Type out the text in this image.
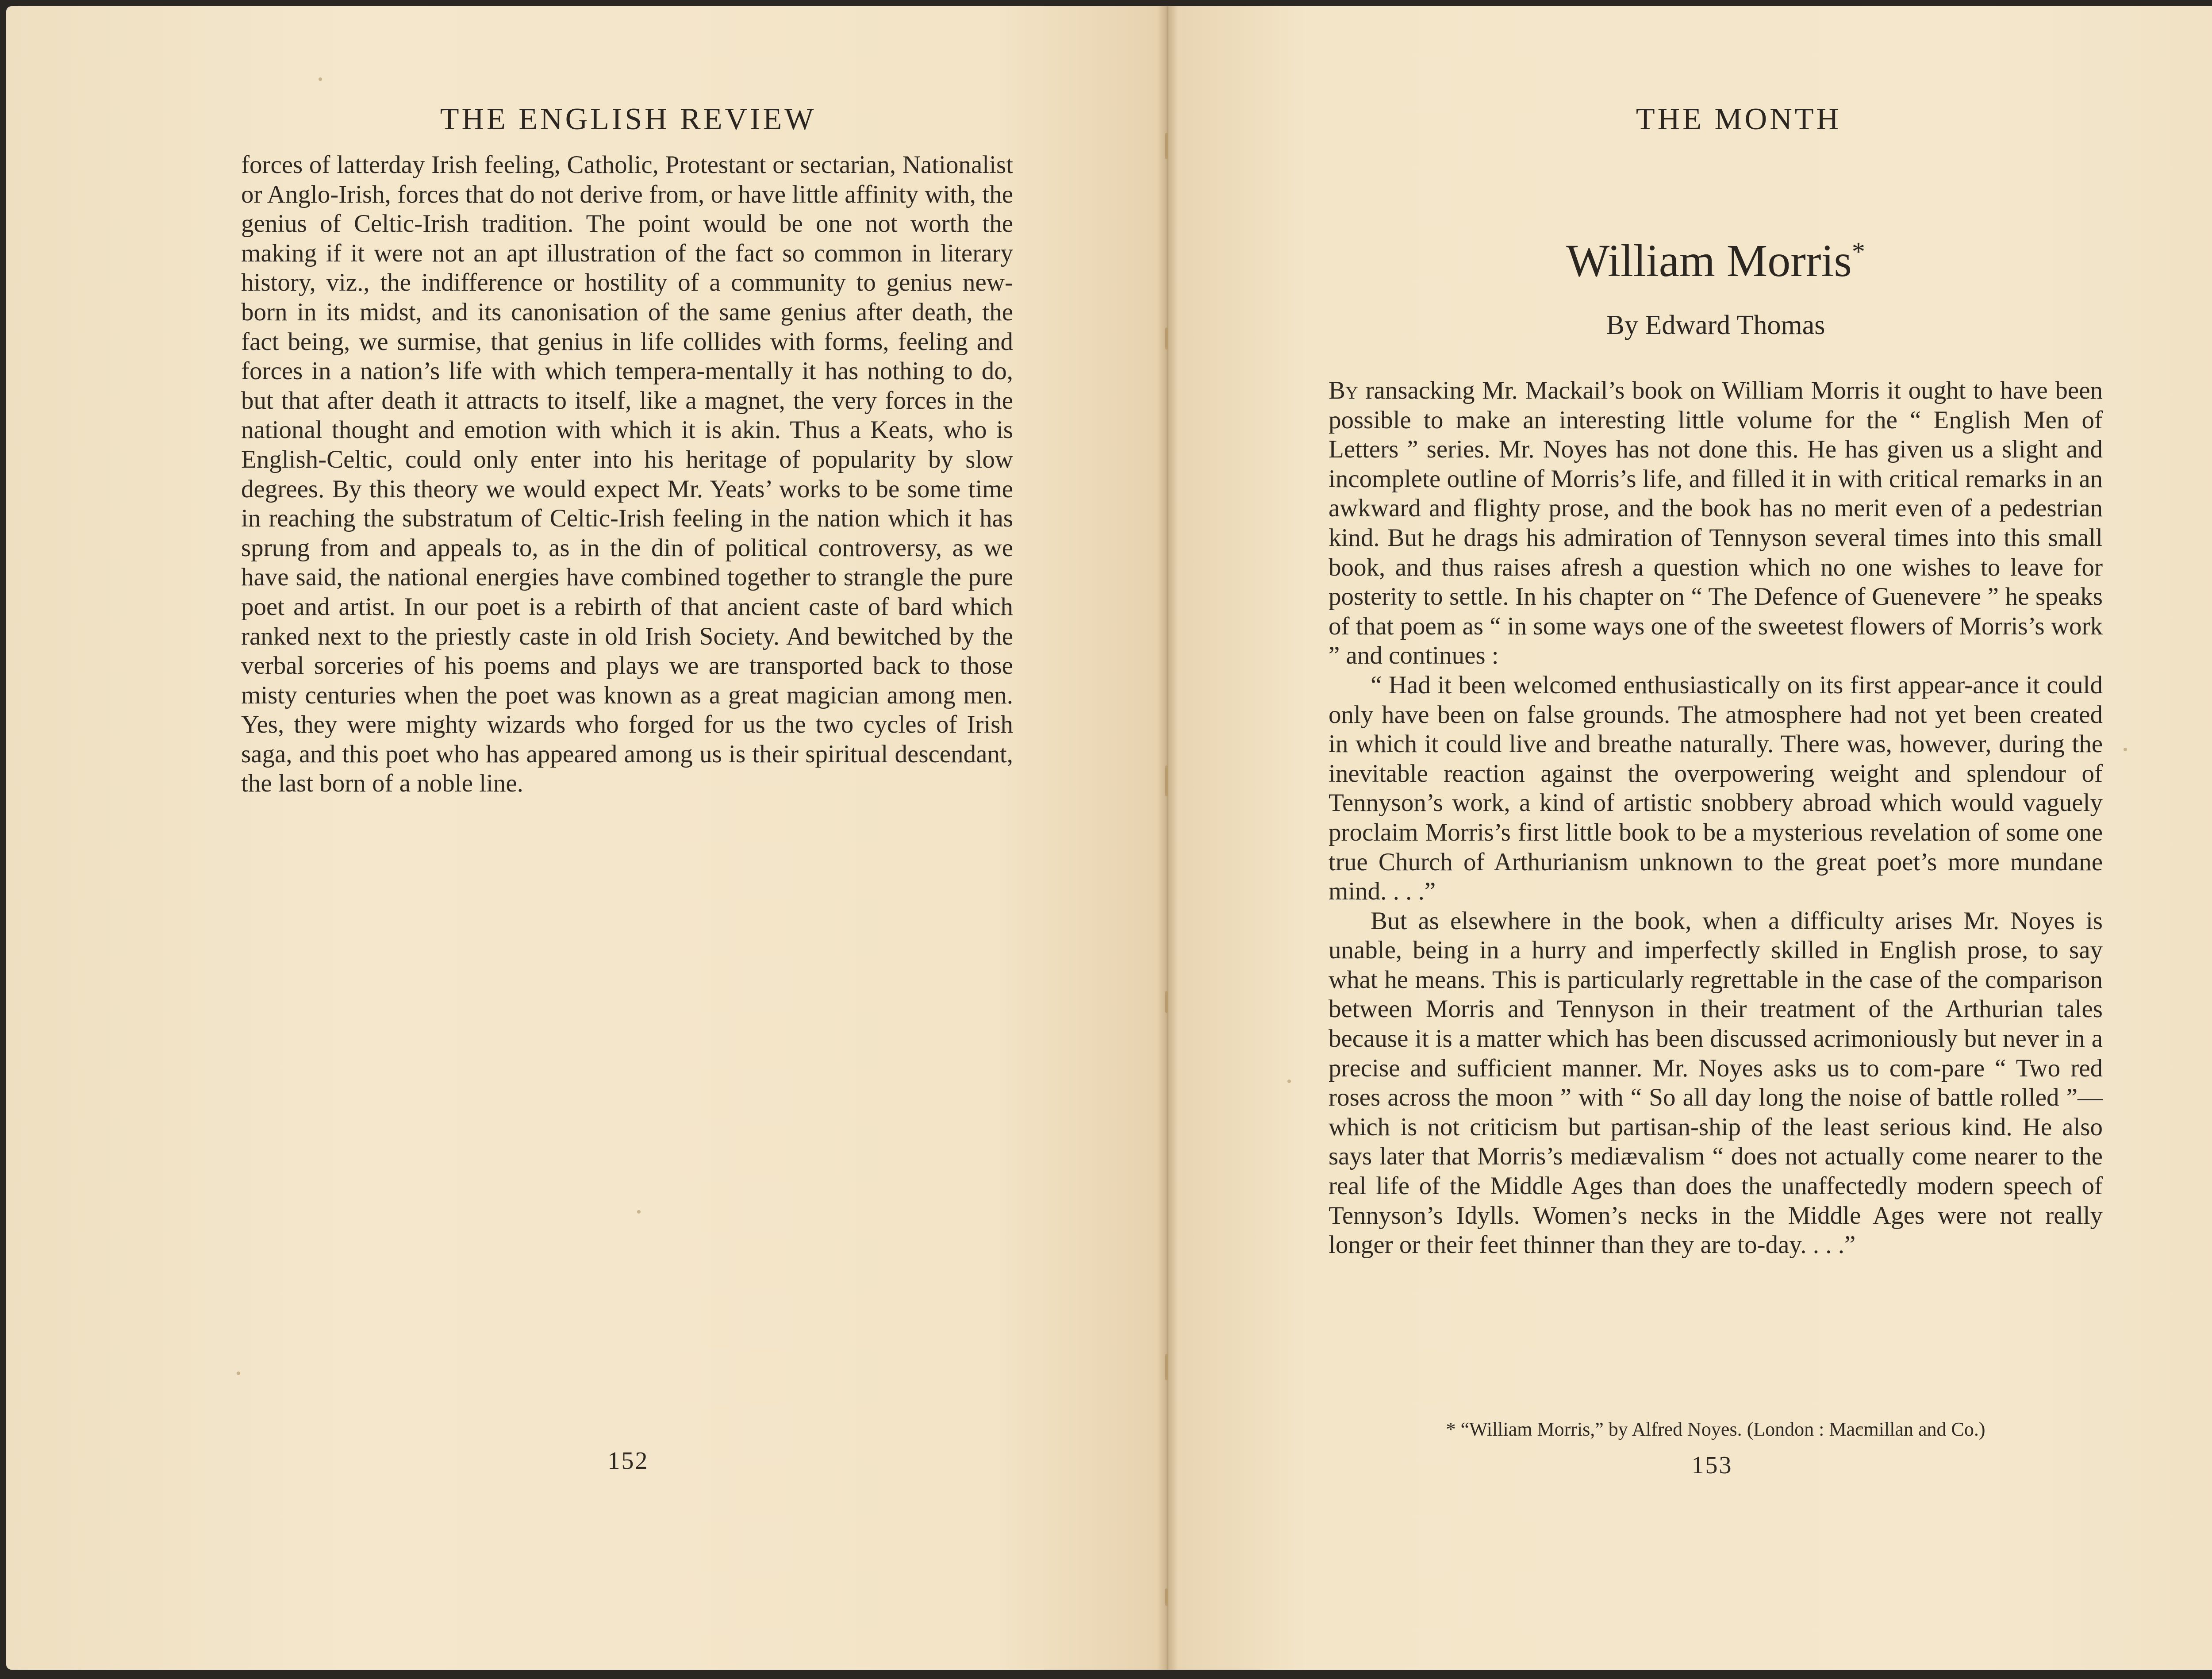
THE ENGLISH REVIEW

forces of latterday Irish feeling, Catholic, Protestant or sectarian, Nationalist or Anglo-Irish, forces that do not derive from, or have little affinity with, the genius of Celtic-Irish tradition. The point would be one not worth the making if it were not an apt illustration of the fact so common in literary history, viz., the indifference or hostility of a community to genius new-born in its midst, and its canonisation of the same genius after death, the fact being, we surmise, that genius in life collides with forms, feeling and forces in a nation’s life with which tempera-mentally it has nothing to do, but that after death it attracts to itself, like a magnet, the very forces in the national thought and emotion with which it is akin. Thus a Keats, who is English-Celtic, could only enter into his heritage of popularity by slow degrees. By this theory we would expect Mr. Yeats’ works to be some time in reaching the substratum of Celtic-Irish feeling in the nation which it has sprung from and appeals to, as in the din of political controversy, as we have said, the national energies have combined together to strangle the pure poet and artist. In our poet is a rebirth of that ancient caste of bard which ranked next to the priestly caste in old Irish Society. And bewitched by the verbal sorceries of his poems and plays we are transported back to those misty centuries when the poet was known as a great magician among men. Yes, they were mighty wizards who forged for us the two cycles of Irish saga, and this poet who has appeared among us is their spiritual descendant, the last born of a noble line.

152
THE MONTH
William Morris*
By Edward Thomas

By ransacking Mr. Mackail’s book on William Morris it ought to have been possible to make an interesting little volume for the “ English Men of Letters ” series. Mr. Noyes has not done this. He has given us a slight and incomplete outline of Morris’s life, and filled it in with critical remarks in an awkward and flighty prose, and the book has no merit even of a pedestrian kind. But he drags his admiration of Tennyson several times into this small book, and thus raises afresh a question which no one wishes to leave for posterity to settle. In his chapter on “ The Defence of Guenevere ” he speaks of that poem as “ in some ways one of the sweetest flowers of Morris’s work ” and continues :

“ Had it been welcomed enthusiastically on its first appear-ance it could only have been on false grounds. The atmosphere had not yet been created in which it could live and breathe naturally. There was, however, during the inevitable reaction against the overpowering weight and splendour of Tennyson’s work, a kind of artistic snobbery abroad which would vaguely proclaim Morris’s first little book to be a mysterious revelation of some one true Church of Arthurianism unknown to the great poet’s more mundane mind. . . .”

But as elsewhere in the book, when a difficulty arises Mr. Noyes is unable, being in a hurry and imperfectly skilled in English prose, to say what he means. This is particularly regrettable in the case of the comparison between Morris and Tennyson in their treatment of the Arthurian tales because it is a matter which has been discussed acrimoniously but never in a precise and sufficient manner. Mr. Noyes asks us to com-pare “ Two red roses across the moon ” with “ So all day long the noise of battle rolled ”—which is not criticism but partisan-ship of the least serious kind. He also says later that Morris’s mediævalism “ does not actually come nearer to the real life of the Middle Ages than does the unaffectedly modern speech of Tennyson’s Idylls. Women’s necks in the Middle Ages were not really longer or their feet thinner than they are to-day. . . .”

* “William Morris,” by Alfred Noyes. (London : Macmillan and Co.)
153
